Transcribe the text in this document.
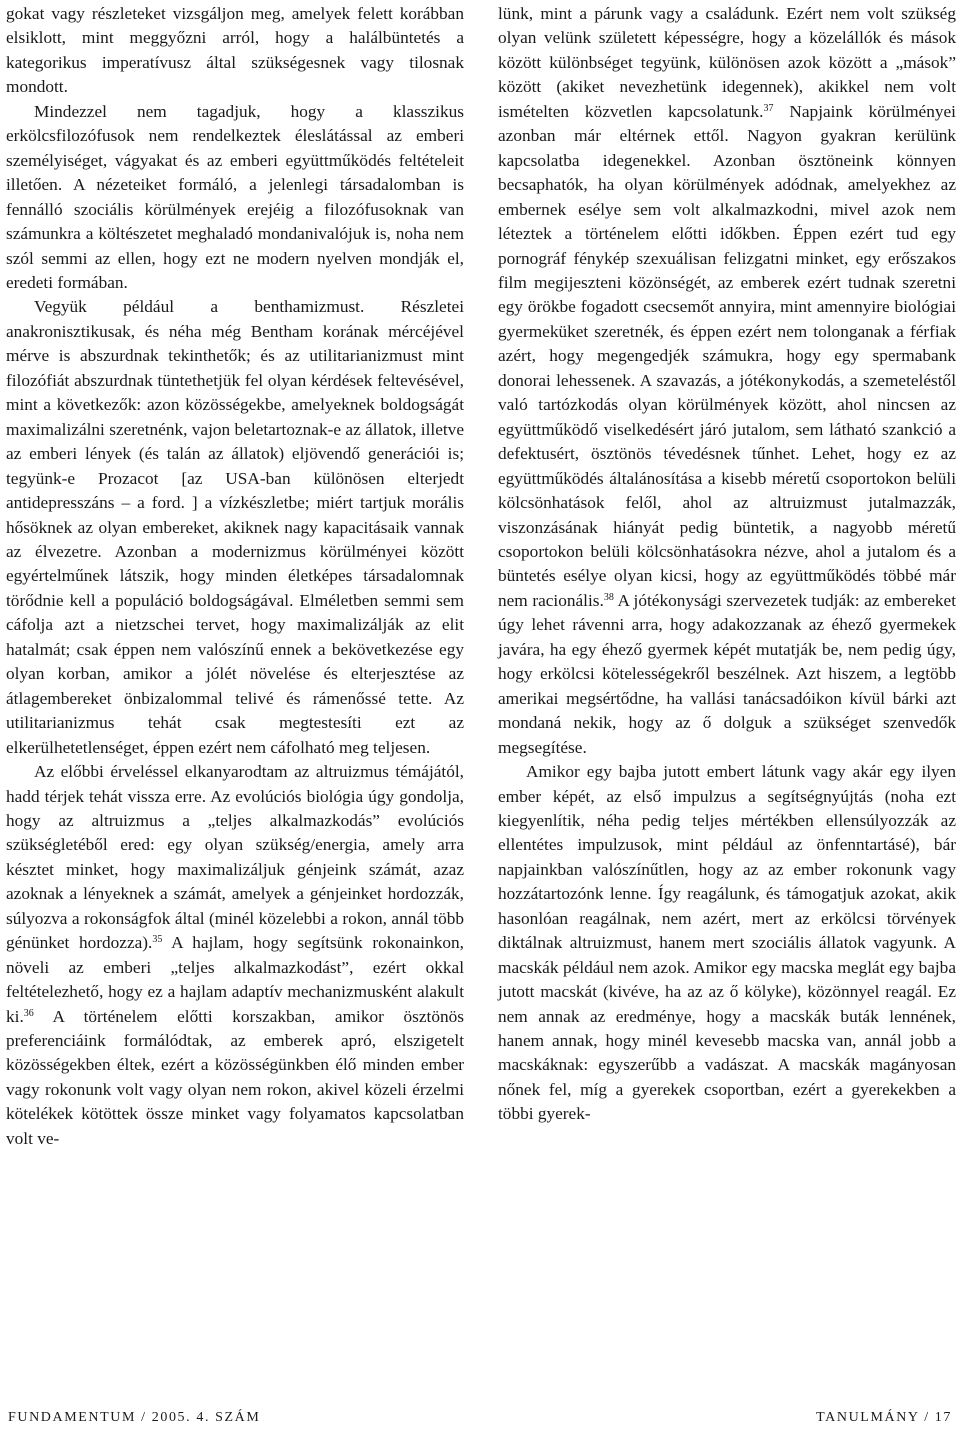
gokat vagy részleteket vizsgáljon meg, amelyek felett korábban elsiklott, mint meggyőzni arról, hogy a halálbüntetés a kategorikus imperatívusz által szükségesnek vagy tilosnak mondott.

Mindezzel nem tagadjuk, hogy a klasszikus erkölcsfilozófusok nem rendelkeztek éleslátással az emberi személyiséget, vágyakat és az emberi együttműködés feltételeit illetően. A nézeteiket formáló, a jelenlegi társadalomban is fennálló szociális körülmények erejéig a filozófusoknak van számunkra a költészetet meghaladó mondanivalójuk is, noha nem szól semmi az ellen, hogy ezt ne modern nyelven mondják el, eredeti formában.

Vegyük például a benthamizmust. Részletei anakronisztikusak, és néha még Bentham korának mércéjével mérve is abszurdnak tekinthetők; és az utilitarianizmust mint filozófiát abszurdnak tüntethetjük fel olyan kérdések feltevésével, mint a következők: azon közösségekbe, amelyeknek boldogságát maximalizálni szeretnénk, vajon beletartoznak-e az állatok, illetve az emberi lények (és talán az állatok) eljövendő generációi is; tegyünk-e Prozacot [az USA-ban különösen elterjedt antidepresszáns – a ford. ] a vízkészletbe; miért tartjuk morális hősöknek az olyan embereket, akiknek nagy kapacitásaik vannak az élvezetre. Azonban a modernizmus körülményei között egyértelműnek látszik, hogy minden életképes társadalomnak törődnie kell a populáció boldogságával. Elméletben semmi sem cáfolja azt a nietzschei tervet, hogy maximalizálják az elit hatalmát; csak éppen nem valószínű ennek a bekövetkezése egy olyan korban, amikor a jólét növelése és elterjesztése az átlagembereket önbizalommal telivé és rámenőssé tette. Az utilitarianizmus tehát csak megtestesíti ezt az elkerülhetetlenséget, éppen ezért nem cáfolható meg teljesen.

Az előbbi érveléssel elkanyarodtam az altruizmus témájától, hadd térjek tehát vissza erre. Az evolúciós biológia úgy gondolja, hogy az altruizmus a „teljes alkalmazkodás” evolúciós szükségletéből ered: egy olyan szükség/energia, amely arra késztet minket, hogy maximalizáljuk génjeink számát, azaz azoknak a lényeknek a számát, amelyek a génjeinket hordozzák, súlyozva a rokonságfok által (minél közelebbi a rokon, annál több génünket hordozza).$^{35}$ A hajlam, hogy segítsünk rokonainkon, növeli az emberi „teljes alkalmazkodást”, ezért okkal feltételezhető, hogy ez a hajlam adaptív mechanizmusként alakult ki.$^{36}$ A történelem előtti korszakban, amikor ösztönös preferenciáink formálódtak, az emberek apró, elszigetelt közösségekben éltek, ezért a közösségünkben élő minden ember vagy rokonunk volt vagy olyan nem rokon, akivel közeli érzelmi kötelékek kötöttek össze minket vagy folyamatos kapcsolatban volt ve-

lünk, mint a párunk vagy a családunk. Ezért nem volt szükség olyan velünk született képességre, hogy a közelállók és mások között különbséget tegyünk, különösen azok között a „mások” között (akiket nevezhetünk idegennek), akikkel nem volt ismételten közvetlen kapcsolatunk.$^{37}$ Napjaink körülményei azonban már eltérnek ettől. Nagyon gyakran kerülünk kapcsolatba idegenekkel. Azonban ösztöneink könnyen becsaphatók, ha olyan körülmények adódnak, amelyekhez az embernek esélye sem volt alkalmazkodni, mivel azok nem léteztek a történelem előtti időkben. Éppen ezért tud egy pornográf fénykép szexuálisan felizgatni minket, egy erőszakos film megijeszteni közönségét, az emberek ezért tudnak szeretni egy örökbe fogadott csecsemőt annyira, mint amennyire biológiai gyermeküket szeretnék, és éppen ezért nem tolonganak a férfiak azért, hogy megengedjék számukra, hogy egy spermabank donorai lehessenek. A szavazás, a jótékonykodás, a szemeteléstől való tartózkodás olyan körülmények között, ahol nincsen az együttműködő viselkedésért járó jutalom, sem látható szankció a defektusért, ösztönös tévedésnek tűnhet. Lehet, hogy ez az együttműködés általánosítása a kisebb méretű csoportokon belüli kölcsönhatások felől, ahol az altruizmust jutalmazzák, viszonzásának hiányát pedig büntetik, a nagyobb méretű csoportokon belüli kölcsönhatásokra nézve, ahol a jutalom és a büntetés esélye olyan kicsi, hogy az együttműködés többé már nem racionális.$^{38}$ A jótékonysági szervezetek tudják: az embereket úgy lehet rávenni arra, hogy adakozzanak az éhező gyermekek javára, ha egy éhező gyermek képét mutatják be, nem pedig úgy, hogy erkölcsi kötelességekről beszélnek. Azt hiszem, a legtöbb amerikai megsértődne, ha vallási tanácsadóikon kívül bárki azt mondaná nekik, hogy az ő dolguk a szükséget szenvedők megsegítése.

Amikor egy bajba jutott embert látunk vagy akár egy ilyen ember képét, az első impulzus a segítségnyújtás (noha ezt kiegyenlítik, néha pedig teljes mértékben ellensúlyozzák az ellentétes impulzusok, mint például az önfenntartásé), bár napjainkban valószínűtlen, hogy az az ember rokonunk vagy hozzátartozónk lenne. Így reagálunk, és támogatjuk azokat, akik hasonlóan reagálnak, nem azért, mert az erkölcsi törvények diktálnak altruizmust, hanem mert szociális állatok vagyunk. A macskák például nem azok. Amikor egy macska meglát egy bajba jutott macskát (kivéve, ha az az ő kölyke), közönnyel reagál. Ez nem annak az eredménye, hogy a macskák buták lennének, hanem annak, hogy minél kevesebb macska van, annál jobb a macskáknak: egyszerűbb a vadászat. A macskák magányosan nőnek fel, míg a gyerekek csoportban, ezért a gyerekekben a többi gyerek-

FUNDAMENTUM / 2005. 4. SZÁM	TANULMÁNY / 17
